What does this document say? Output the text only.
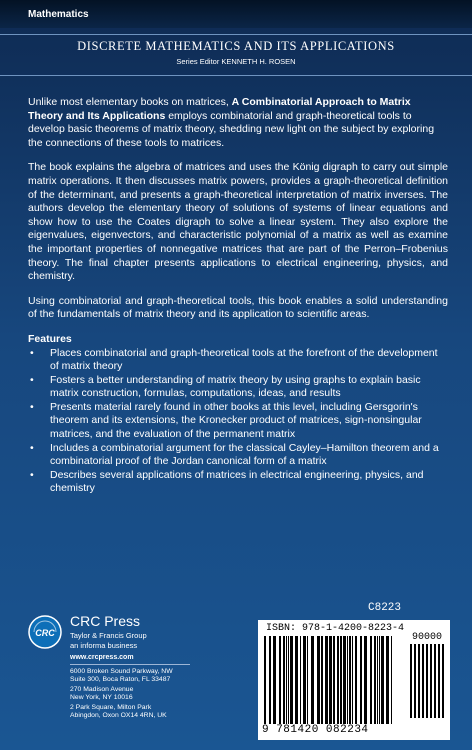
Mathematics
DISCRETE MATHEMATICS AND ITS APPLICATIONS
Series Editor KENNETH H. ROSEN

Unlike most elementary books on matrices, A Combinatorial Approach to Matrix Theory and Its Applications employs combinatorial and graph-theoretical tools to develop basic theorems of matrix theory, shedding new light on the subject by exploring the connections of these tools to matrices.

The book explains the algebra of matrices and uses the König digraph to carry out simple matrix operations. It then discusses matrix powers, provides a graph-theoretical definition of the determinant, and presents a graph-theoretical interpretation of matrix inverses. The authors develop the elementary theory of solutions of systems of linear equations and show how to use the Coates digraph to solve a linear system. They also explore the eigenvalues, eigenvectors, and characteristic polynomial of a matrix as well as examine the important properties of nonnegative matrices that are part of the Perron–Frobenius theory. The final chapter presents applications to electrical engineering, physics, and chemistry.

Using combinatorial and graph-theoretical tools, this book enables a solid understanding of the fundamentals of matrix theory and its application to scientific areas.

Features
• Places combinatorial and graph-theoretical tools at the forefront of the development of matrix theory
• Fosters a better understanding of matrix theory by using graphs to explain basic matrix construction, formulas, computations, ideas, and results
• Presents material rarely found in other books at this level, including Gersgorin's theorem and its extensions, the Kronecker product of matrices, sign-nonsingular matrices, and the evaluation of the permanent matrix
• Includes a combinatorial argument for the classical Cayley–Hamilton theorem and a combinatorial proof of the Jordan canonical form of a matrix
• Describes several applications of matrices in electrical engineering, physics, and chemistry
CRC
CRC Press
Taylor & Francis Group
an informa business
www.crcpress.com
6000 Broken Sound Parkway, NW
Suite 300, Boca Raton, FL 33487
270 Madison Avenue
New York, NY 10016
2 Park Square, Milton Park
Abingdon, Oxon OX14 4RN, UK
C8223
ISBN: 978-1-4200-8223-4
90000
9 781420 082234
